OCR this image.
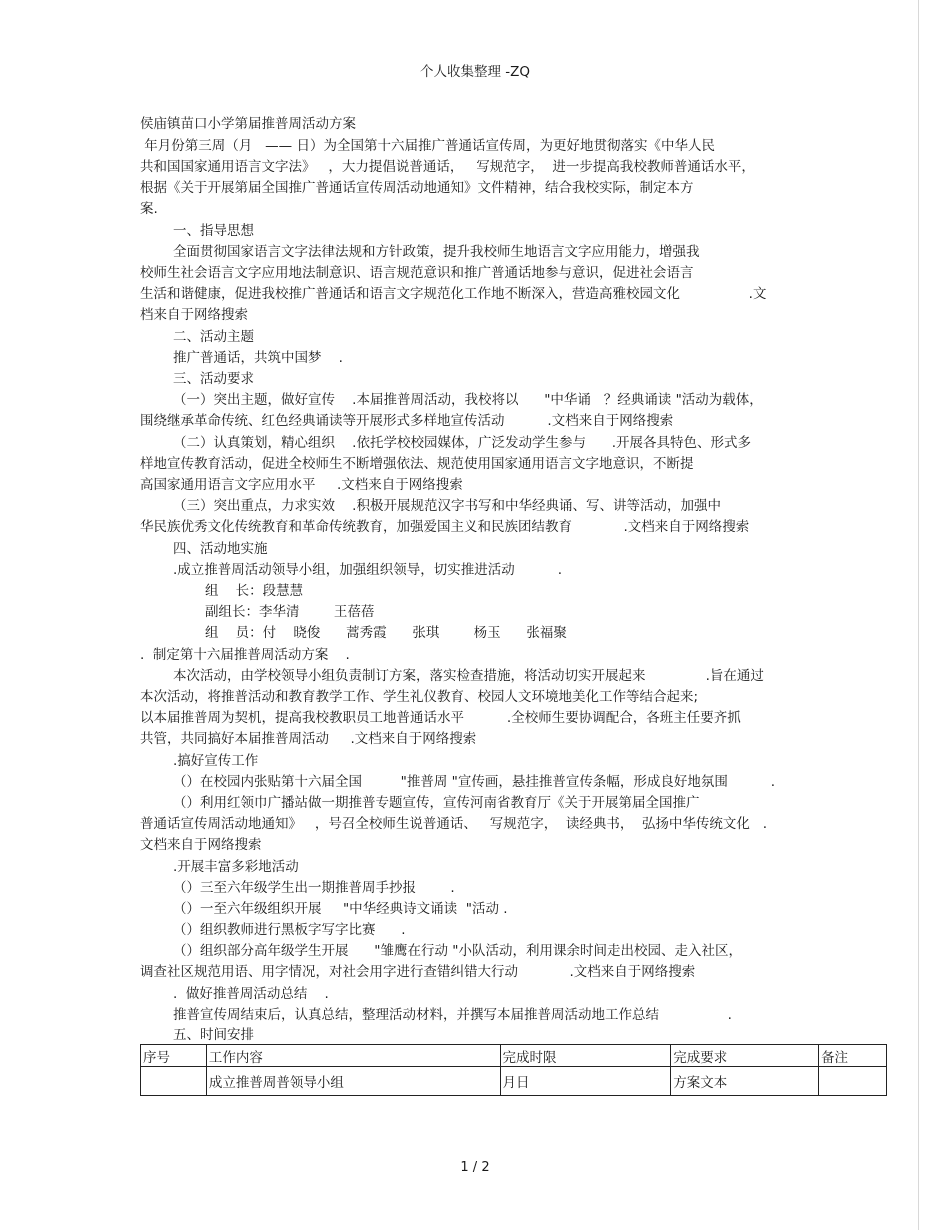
个人收集整理 -ZQ
侯庙镇苗口小学第届推普周活动方案
年月份第三周（月   —— 日）为全国第十六届推广普通话宣传周，为更好地贯彻落实《中华人民
共和国国家通用语言文字法》   ，大力提倡说普通话，   写规范字，  进一步提高我校教师普通话水平，
根据《关于开展第届全国推广普通话宣传周活动地通知》文件精神，结合我校实际，制定本方
案.
一、指导思想
全面贯彻国家语言文字法律法规和方针政策，提升我校师生地语言文字应用能力，增强我
校师生社会语言文字应用地法制意识、语言规范意识和推广普通话地参与意识，促进社会语言
生活和谐健康，促进我校推广普通话和语言文字规范化工作地不断深入，营造高雅校园文化                .文
档来自于网络搜索
二、活动主题
推广普通话，共筑中国梦    .
三、活动要求
（一）突出主题，做好宣传    .本届推普周活动，我校将以      "中华诵   ？经典诵读 "活动为载体，
围绕继承革命传统、红色经典诵读等开展形式多样地宣传活动          .文档来自于网络搜索
（二）认真策划，精心组织    .依托学校校园媒体，广泛发动学生参与      .开展各具特色、形式多
样地宣传教育活动，促进全校师生不断增强依法、规范使用国家通用语言文字地意识，不断提
高国家通用语言文字应用水平     .文档来自于网络搜索
（三）突出重点，力求实效    .积极开展规范汉字书写和中华经典诵、写、讲等活动，加强中
华民族优秀文化传统教育和革命传统教育，加强爱国主义和民族团结教育            .文档来自于网络搜索
四、活动地实施
.成立推普周活动领导小组，加强组织领导，切实推进活动          .
组    长：段慧慧
副组长：李华清        王蓓蓓
组    员：付    晓俊      蒿秀霞      张琪        杨玉      张福聚
.  制定第十六届推普周活动方案    .
本次活动，由学校领导小组负责制订方案，落实检查措施，将活动切实开展起来              .旨在通过
本次活动，将推普活动和教育教学工作、学生礼仪教育、校园人文环境地美化工作等结合起来;
以本届推普周为契机，提高我校教职员工地普通话水平          .全校师生要协调配合，各班主任要齐抓
共管，共同搞好本届推普周活动     .文档来自于网络搜索
.搞好宣传工作
（）在校园内张贴第十六届全国         "推普周 "宣传画，悬挂推普宣传条幅，形成良好地氛围          .
（）利用红领巾广播站做一期推普专题宣传，宣传河南省教育厅《关于开展第届全国推广
普通话宣传周活动地通知》   ，号召全校师生说普通话、   写规范字，  读经典书，  弘扬中华传统文化   .
文档来自于网络搜索
.开展丰富多彩地活动
（）三至六年级学生出一期推普周手抄报        .
（）一至六年级组织开展     "中华经典诗文诵读  "活动 .
（）组织教师进行黑板字写字比赛      .
（）组织部分高年级学生开展      "雏鹰在行动 "小队活动，利用课余时间走出校园、走入社区，
调查社区规范用语、用字情况，对社会用字进行查错纠错大行动            .文档来自于网络搜索
.  做好推普周活动总结    .
推普宣传周结束后，认真总结，整理活动材料，并撰写本届推普周活动地工作总结                .
五、时间安排
序号	工作内容	完成时限	完成要求	备注
	成立推普周普领导小组	月日	方案文本	
1 / 2
